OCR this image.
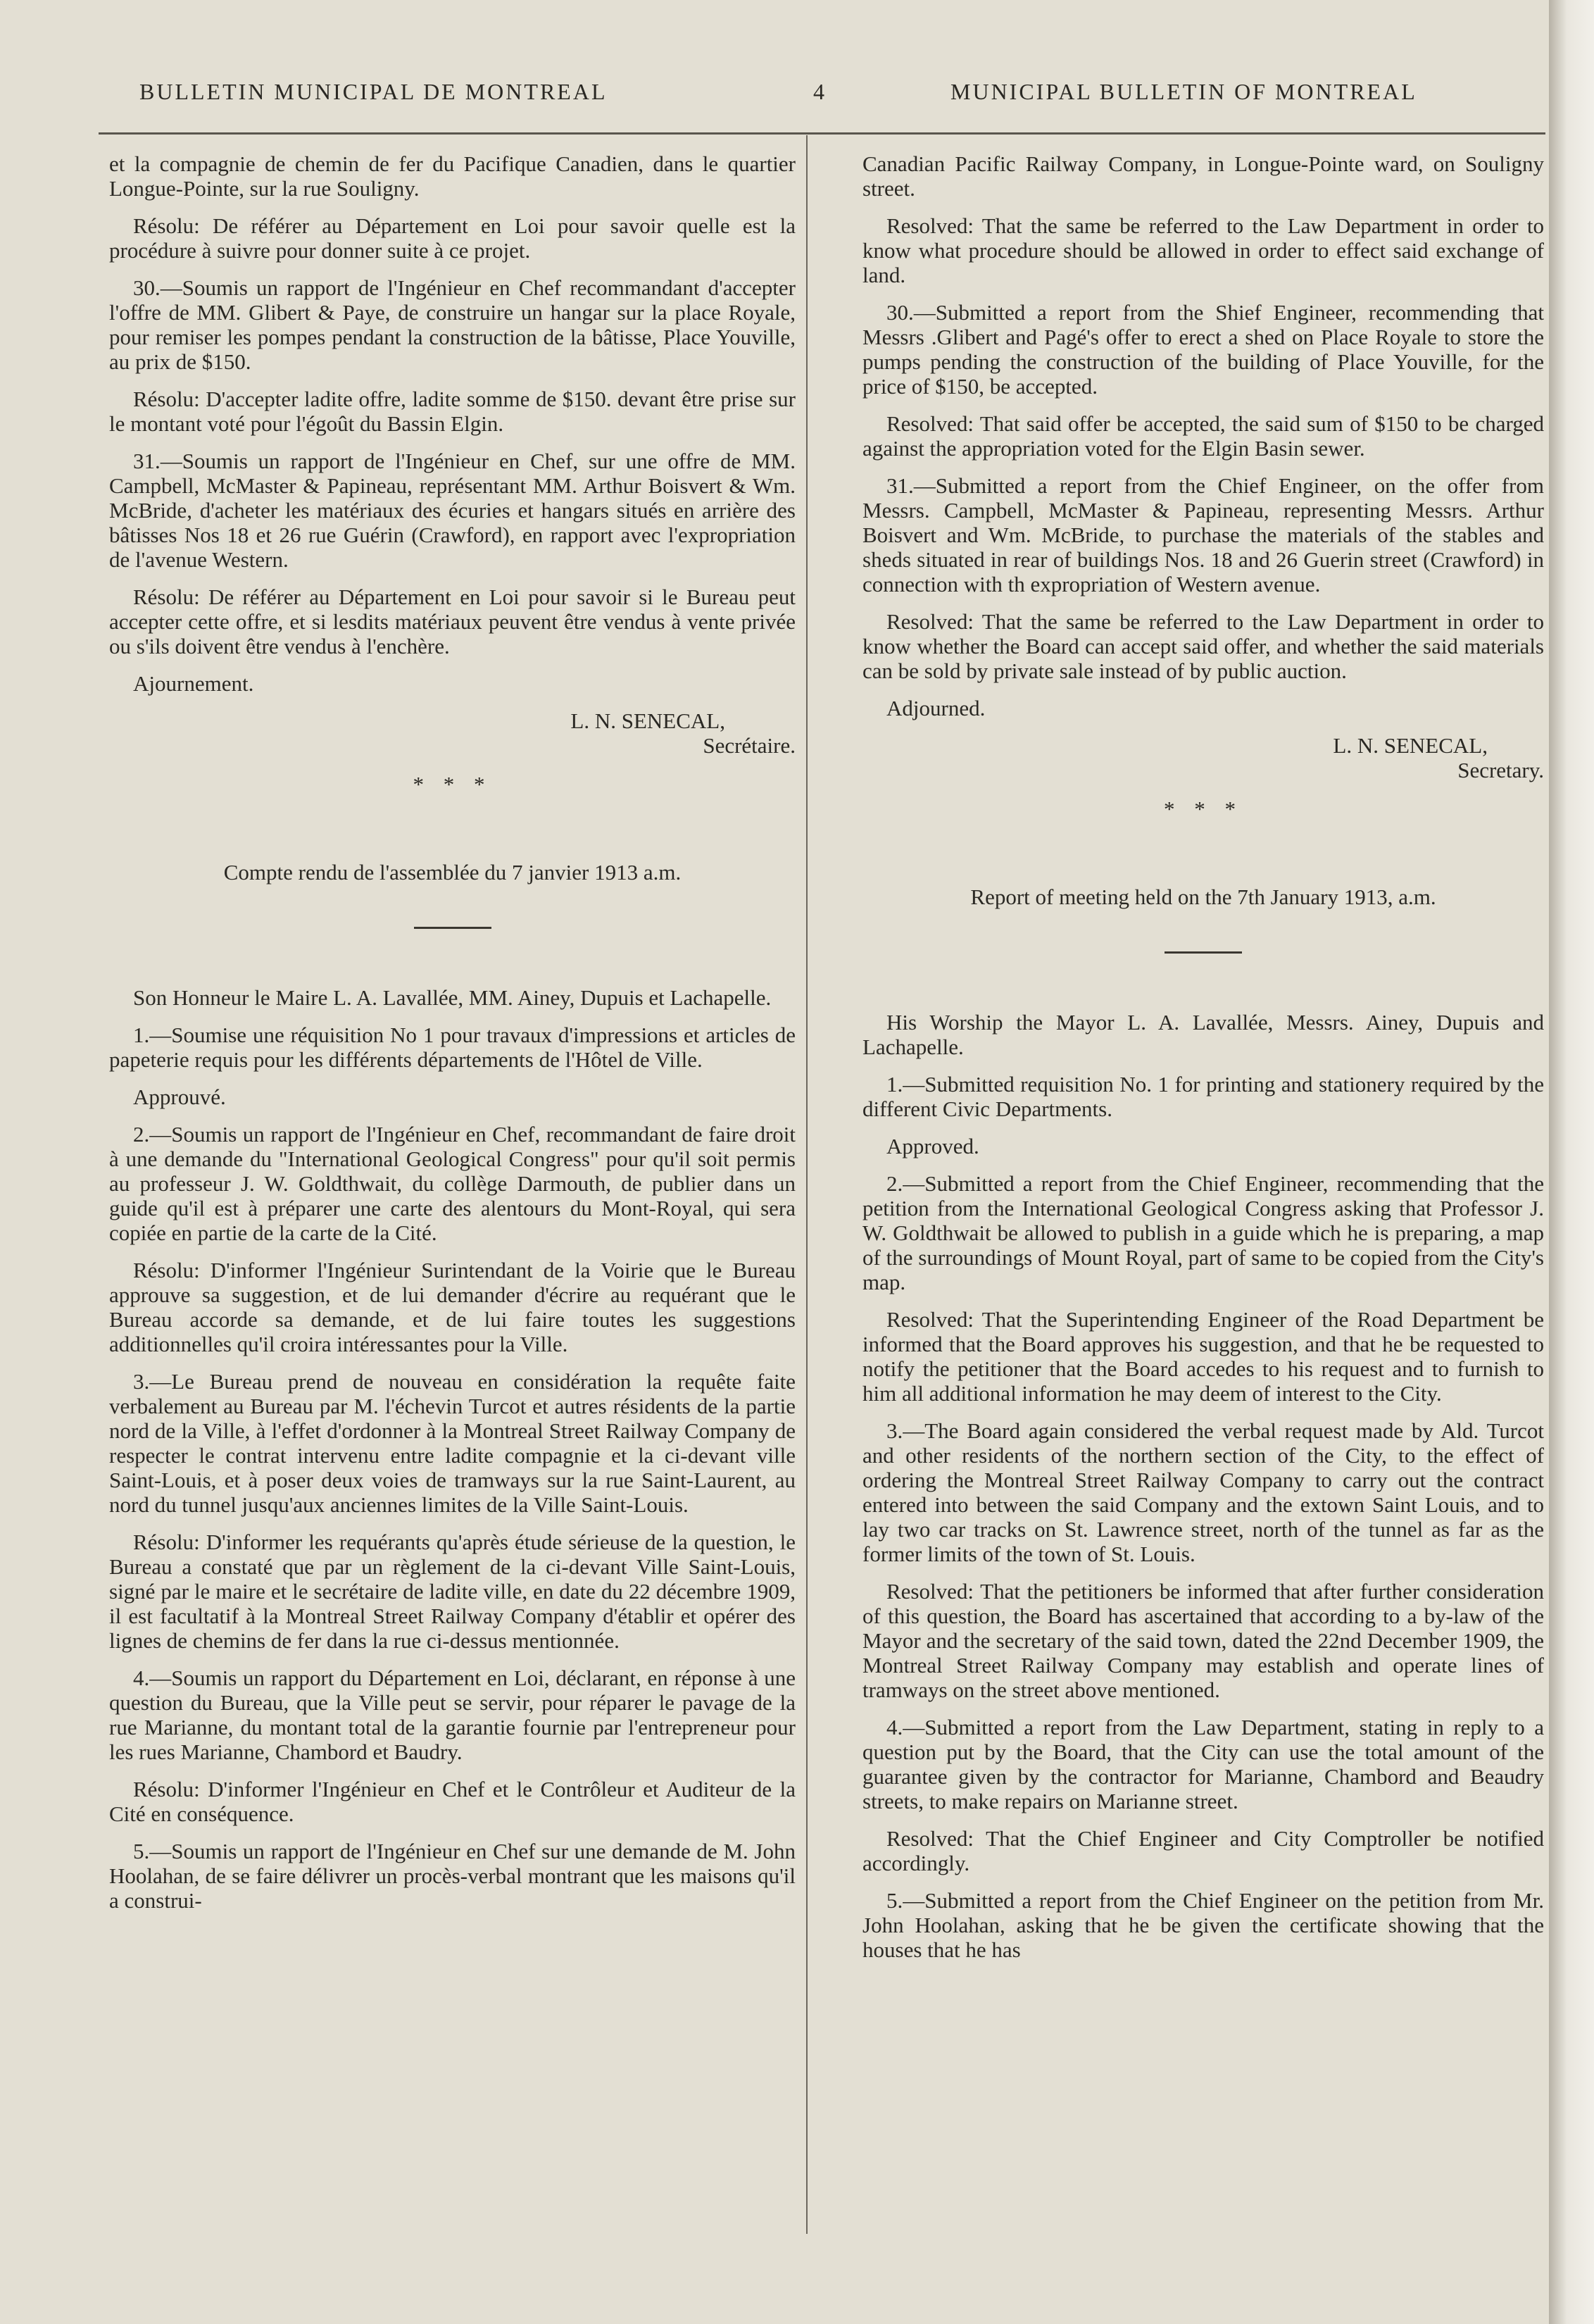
BULLETIN MUNICIPAL DE MONTREAL	4	MUNICIPAL BULLETIN OF MONTREAL

et la compagnie de chemin de fer du Pacifique Canadien, dans le quartier Longue-Pointe, sur la rue Souligny.

Résolu: De référer au Département en Loi pour savoir quelle est la procédure à suivre pour donner suite à ce projet.

30.—Soumis un rapport de l'Ingénieur en Chef recommandant d'accepter l'offre de MM. Glibert & Paye, de construire un hangar sur la place Royale, pour remiser les pompes pendant la construction de la bâtisse, Place Youville, au prix de $150.

Résolu: D'accepter ladite offre, ladite somme de $150. devant être prise sur le montant voté pour l'égoût du Bassin Elgin.

31.—Soumis un rapport de l'Ingénieur en Chef, sur une offre de MM. Campbell, McMaster & Papineau, représentant MM. Arthur Boisvert & Wm. McBride, d'acheter les matériaux des écuries et hangars situés en arrière des bâtisses Nos 18 et 26 rue Guérin (Crawford), en rapport avec l'expropriation de l'avenue Western.

Résolu: De référer au Département en Loi pour savoir si le Bureau peut accepter cette offre, et si lesdits matériaux peuvent être vendus à vente privée ou s'ils doivent être vendus à l'enchère.

Ajournement.

L. N. SENECAL,

Secrétaire.

* * *

Compte rendu de l'assemblée du 7 janvier 1913 a.m.

Son Honneur le Maire L. A. Lavallée, MM. Ainey, Dupuis et Lachapelle.

1.—Soumise une réquisition No 1 pour travaux d'impressions et articles de papeterie requis pour les différents départements de l'Hôtel de Ville.

Approuvé.

2.—Soumis un rapport de l'Ingénieur en Chef, recommandant de faire droit à une demande du "International Geological Congress" pour qu'il soit permis au professeur J. W. Goldthwait, du collège Darmouth, de publier dans un guide qu'il est à préparer une carte des alentours du Mont-Royal, qui sera copiée en partie de la carte de la Cité.

Résolu: D'informer l'Ingénieur Surintendant de la Voirie que le Bureau approuve sa suggestion, et de lui demander d'écrire au requérant que le Bureau accorde sa demande, et de lui faire toutes les suggestions additionnelles qu'il croira intéressantes pour la Ville.

3.—Le Bureau prend de nouveau en considération la requête faite verbalement au Bureau par M. l'échevin Turcot et autres résidents de la partie nord de la Ville, à l'effet d'ordonner à la Montreal Street Railway Company de respecter le contrat intervenu entre ladite compagnie et la ci-devant ville Saint-Louis, et à poser deux voies de tramways sur la rue Saint-Laurent, au nord du tunnel jusqu'aux anciennes limites de la Ville Saint-Louis.

Résolu: D'informer les requérants qu'après étude sérieuse de la question, le Bureau a constaté que par un règlement de la ci-devant Ville Saint-Louis, signé par le maire et le secrétaire de ladite ville, en date du 22 décembre 1909, il est facultatif à la Montreal Street Railway Company d'établir et opérer des lignes de chemins de fer dans la rue ci-dessus mentionnée.

4.—Soumis un rapport du Département en Loi, déclarant, en réponse à une question du Bureau, que la Ville peut se servir, pour réparer le pavage de la rue Marianne, du montant total de la garantie fournie par l'entrepreneur pour les rues Marianne, Chambord et Baudry.

Résolu: D'informer l'Ingénieur en Chef et le Contrôleur et Auditeur de la Cité en conséquence.

5.—Soumis un rapport de l'Ingénieur en Chef sur une demande de M. John Hoolahan, de se faire délivrer un procès-verbal montrant que les maisons qu'il a construi-

Canadian Pacific Railway Company, in Longue-Pointe ward, on Souligny street.

Resolved: That the same be referred to the Law Department in order to know what procedure should be allowed in order to effect said exchange of land.

30.—Submitted a report from the Shief Engineer, recommending that Messrs .Glibert and Pagé's offer to erect a shed on Place Royale to store the pumps pending the construction of the building of Place Youville, for the price of $150, be accepted.

Resolved: That said offer be accepted, the said sum of $150 to be charged against the appropriation voted for the Elgin Basin sewer.

31.—Submitted a report from the Chief Engineer, on the offer from Messrs. Campbell, McMaster & Papineau, representing Messrs. Arthur Boisvert and Wm. McBride, to purchase the materials of the stables and sheds situated in rear of buildings Nos. 18 and 26 Guerin street (Crawford) in connection with th expropriation of Western avenue.

Resolved: That the same be referred to the Law Department in order to know whether the Board can accept said offer, and whether the said materials can be sold by private sale instead of by public auction.

Adjourned.

L. N. SENECAL,

Secretary.

* * *

Report of meeting held on the 7th January 1913, a.m.

His Worship the Mayor L. A. Lavallée, Messrs. Ainey, Dupuis and Lachapelle.

1.—Submitted requisition No. 1 for printing and stationery required by the different Civic Departments.

Approved.

2.—Submitted a report from the Chief Engineer, recommending that the petition from the International Geological Congress asking that Professor J. W. Goldthwait be allowed to publish in a guide which he is preparing, a map of the surroundings of Mount Royal, part of same to be copied from the City's map.

Resolved: That the Superintending Engineer of the Road Department be informed that the Board approves his suggestion, and that he be requested to notify the petitioner that the Board accedes to his request and to furnish to him all additional information he may deem of interest to the City.

3.—The Board again considered the verbal request made by Ald. Turcot and other residents of the northern section of the City, to the effect of ordering the Montreal Street Railway Company to carry out the contract entered into between the said Company and the extown Saint Louis, and to lay two car tracks on St. Lawrence street, north of the tunnel as far as the former limits of the town of St. Louis.

Resolved: That the petitioners be informed that after further consideration of this question, the Board has ascertained that according to a by-law of the Mayor and the secretary of the said town, dated the 22nd December 1909, the Montreal Street Railway Company may establish and operate lines of tramways on the street above mentioned.

4.—Submitted a report from the Law Department, stating in reply to a question put by the Board, that the City can use the total amount of the guarantee given by the contractor for Marianne, Chambord and Beaudry streets, to make repairs on Marianne street.

Resolved: That the Chief Engineer and City Comptroller be notified accordingly.

5.—Submitted a report from the Chief Engineer on the petition from Mr. John Hoolahan, asking that he be given the certificate showing that the houses that he has
